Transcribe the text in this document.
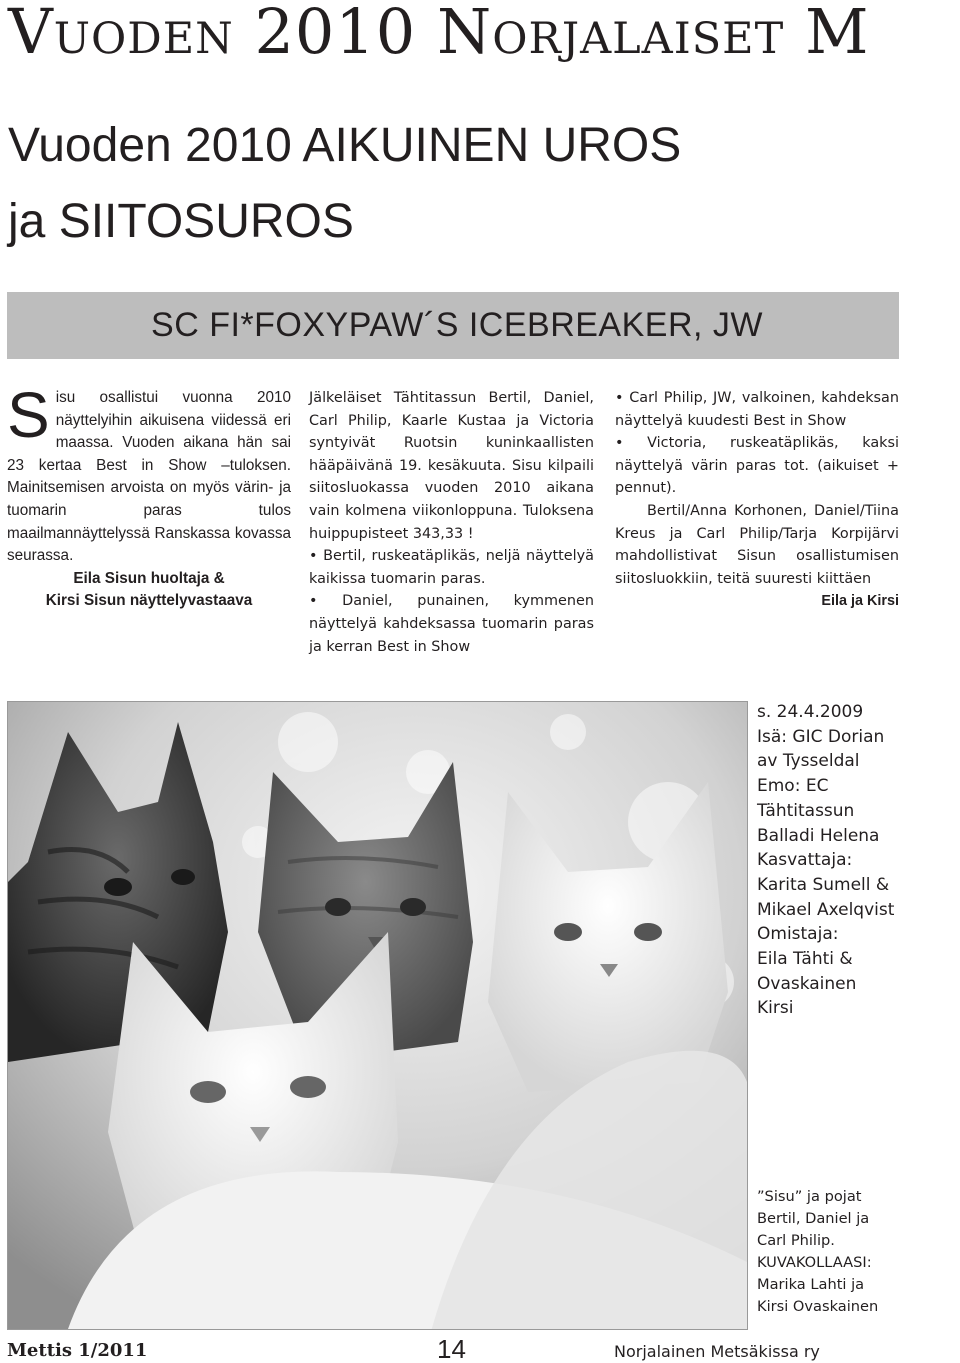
Vuoden 2010 Norjalaiset M
Vuoden 2010 AIKUINEN UROS
ja SIITOSUROS
SC FI*FOXYPAW´S ICEBREAKER, JW

Sisu osallistui vuonna 2010 näyttelyihin aikuisena viidessä eri maassa. Vuoden aikana hän sai 23 kertaa Best in Show –tuloksen. Mainitsemisen arvoista on myös värin- ja tuomarin paras tulos maailmannäyttelyssä Ranskassa kovassa seurassa.

Eila Sisun huoltaja &

Kirsi Sisun näyttelyvastaava

Jälkeläiset Tähtitassun Bertil, Daniel, Carl Philip, Kaarle Kustaa ja Victoria syntyivät Ruotsin kuninkaallisten hääpäivänä 19. kesäkuuta. Sisu kilpaili siitosluokassa vuoden 2010 aikana vain kolmena viikonloppuna. Tuloksena huippupisteet 343,33 !

• Bertil, ruskeatäplikäs, neljä näyttelyä kaikissa tuomarin paras.

• Daniel, punainen, kymmenen näyttelyä kahdeksassa tuomarin paras ja kerran Best in Show

• Carl Philip, JW, valkoinen, kahdeksan näyttelyä kuudesti Best in Show

• Victoria, ruskeatäplikäs, kaksi näyttelyä värin paras tot. (aikuiset + pennut).

Bertil/Anna Korhonen, Daniel/Tiina Kreus ja Carl Philip/Tarja Korpijärvi mahdollistivat Sisun osallistumisen siitosluokkiin, teitä suuresti kiittäen

Eila ja Kirsi

s. 24.4.2009
Isä: GIC Dorian
av Tysseldal
Emo: EC
Tähtitassun
Balladi Helena
Kasvattaja:
Karita Sumell &
Mikael Axelqvist
Omistaja:
Eila Tähti &
Ovaskainen
Kirsi
”Sisu” ja pojat
Bertil, Daniel ja
Carl Philip.
KUVAKOLLAASI:
Marika Lahti ja
Kirsi Ovaskainen
Mettis 1/2011	14	Norjalainen Metsäkissa ry
